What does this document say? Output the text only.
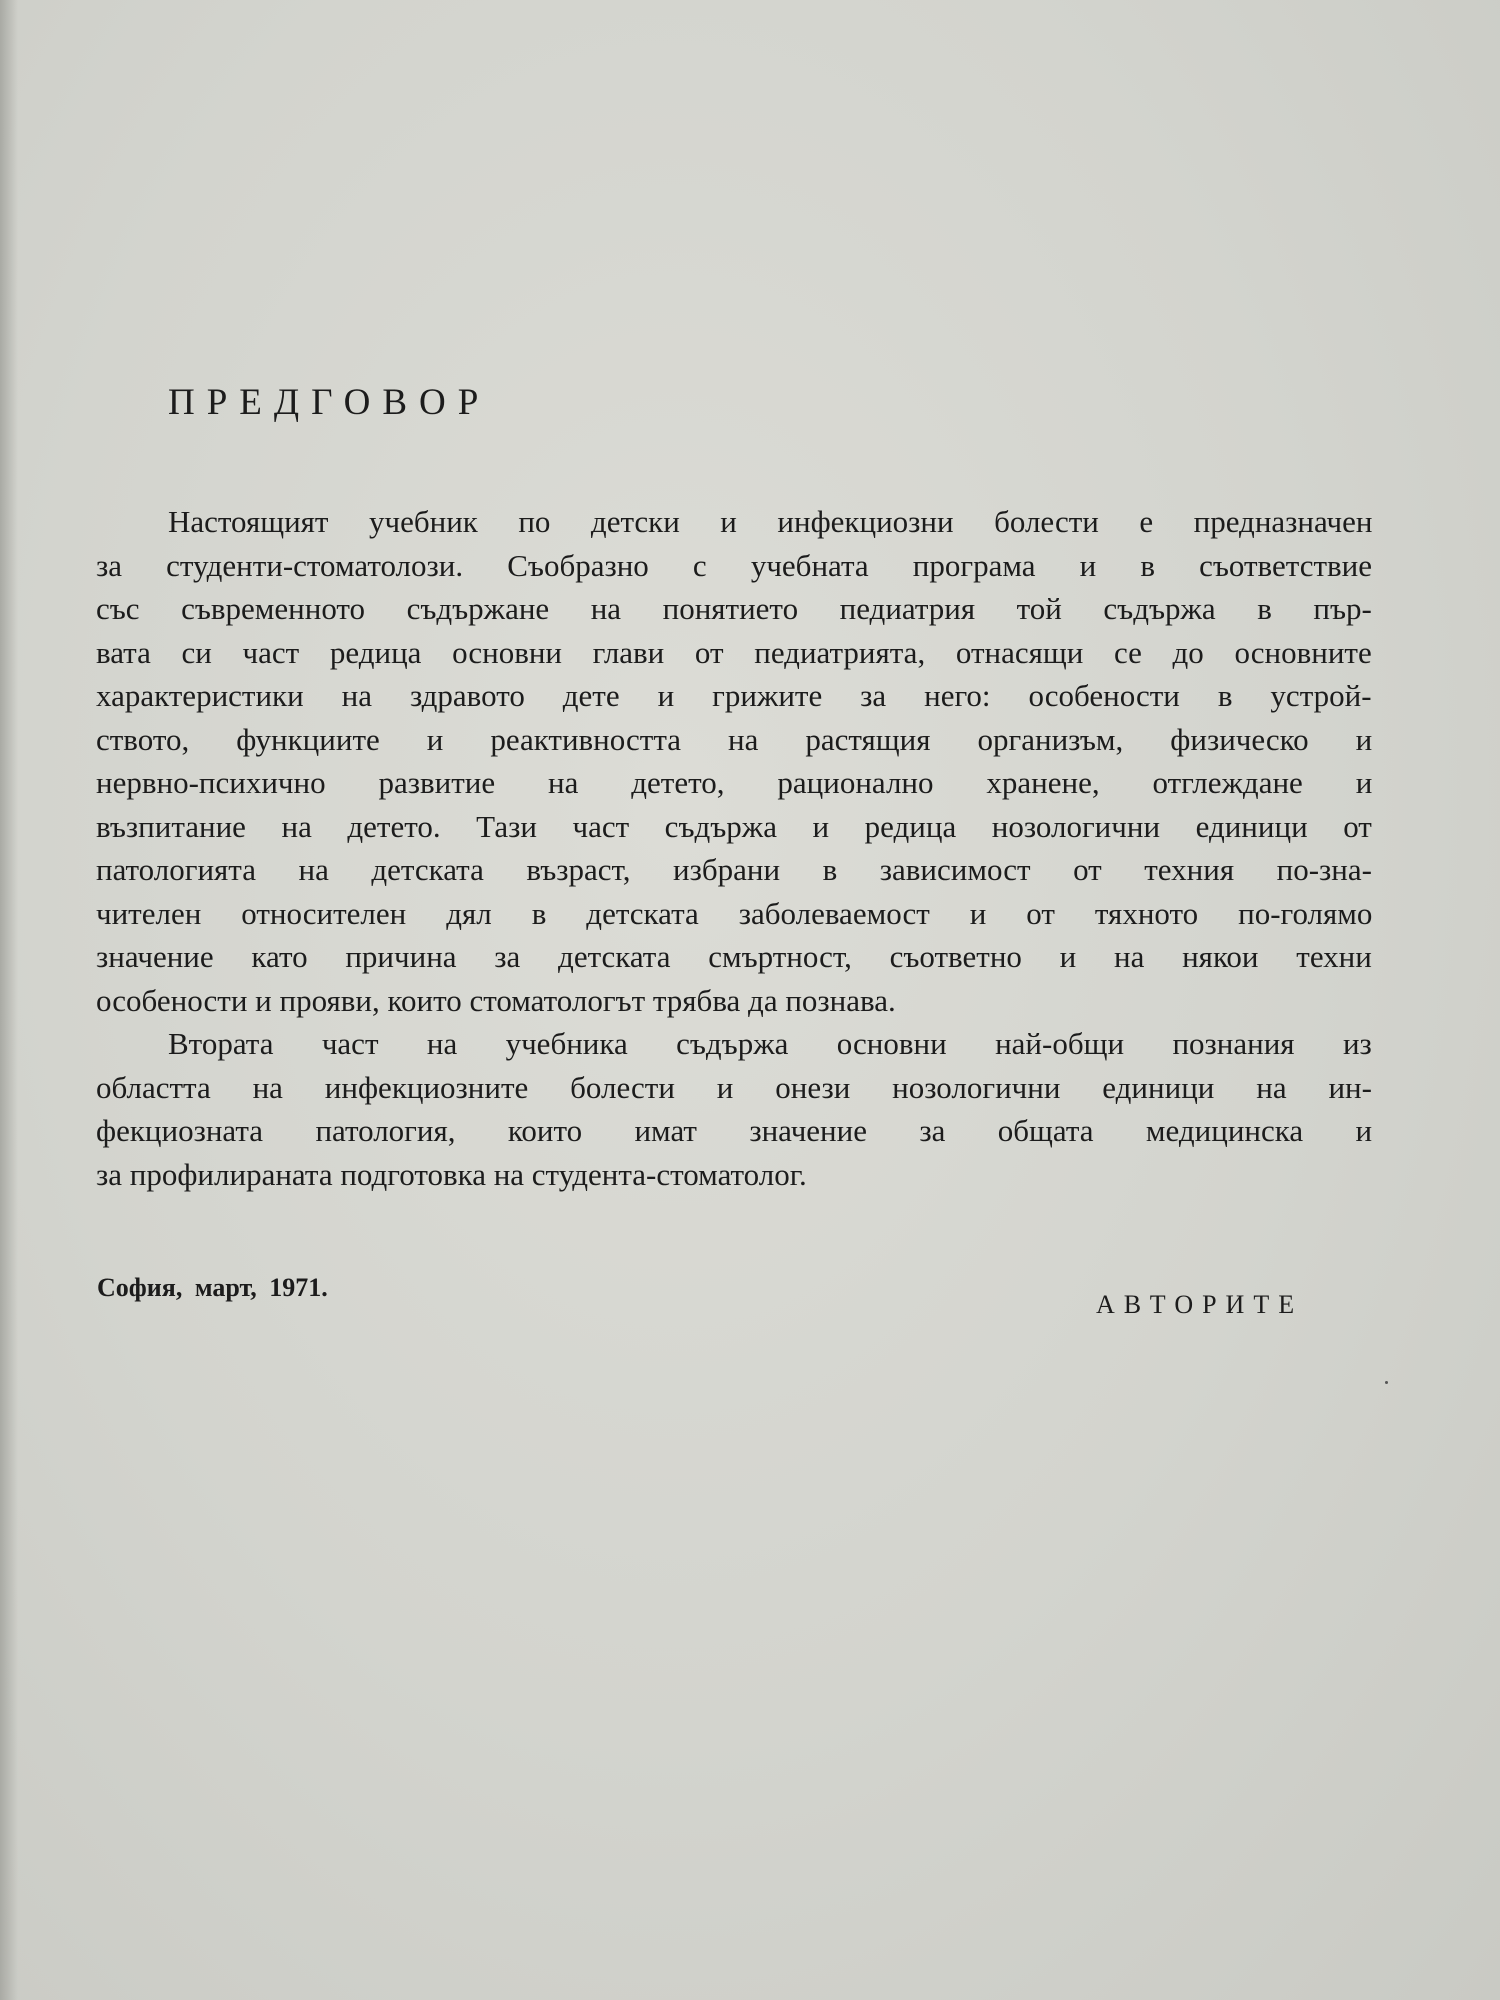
ПРЕДГОВОР
Настоящият учебник по детски и инфекциозни болести е предназначен
за студенти-стоматолози. Съобразно с учебната програма и в съответствие
със съвременното съдържане на понятието педиатрия той съдържа в пър-
вата си част редица основни глави от педиатрията, отнасящи се до основните
характеристики на здравото дете и грижите за него: особености в устрой-
ството, функциите и реактивността на растящия организъм, физическо и
нервно-психично развитие на детето, рационално хранене, отглеждане и
възпитание на детето. Тази част съдържа и редица нозологични единици от
патологията на детската възраст, избрани в зависимост от техния по-зна-
чителен относителен дял в детската заболеваемост и от тяхното по-голямо
значение като причина за детската смъртност, съответно и на някои техни
особености и прояви, които стоматологът трябва да познава.
Втората част на учебника съдържа основни най-общи познания из
областта на инфекциозните болести и онези нозологични единици на ин-
фекциозната патология, които имат значение за общата медицинска и
за профилираната подготовка на студента-стоматолог.

София, март, 1971.

АВТОРИТЕ
